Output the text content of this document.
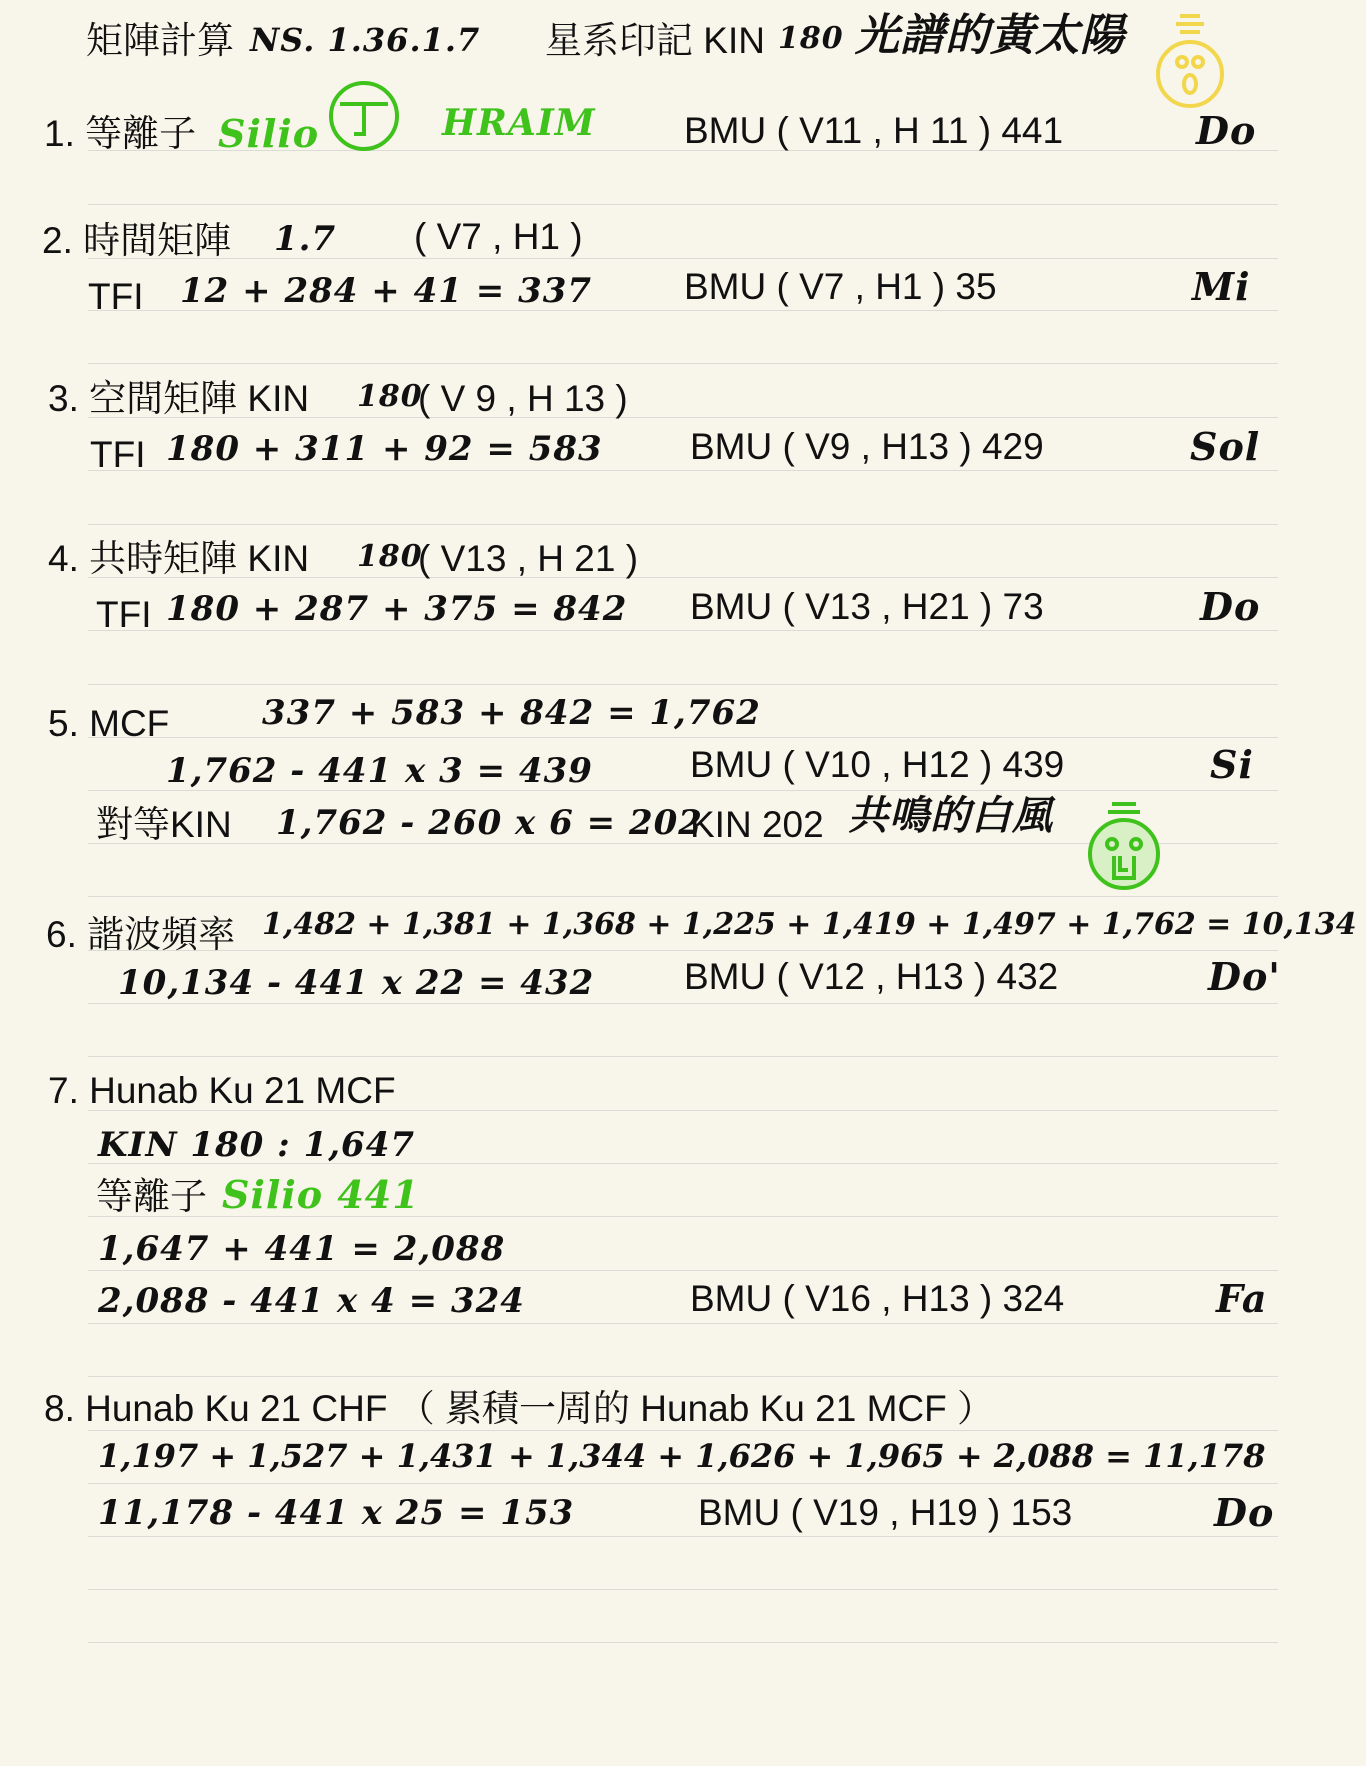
矩陣計算 NS. 1.36.1.7 星系印記 KIN 180 光譜的黃太陽
1. 等離子 Silio	HRAIM BMU ( V11 , H 11 ) 441	Do
2. 時間矩陣 1.7 ( V7 , H1 )
TFI 12 + 284 + 41 = 337 BMU ( V7 , H1 ) 35	Mi
3. 空間矩陣 KIN 180
( V 9 , H 13 )
TFI 180 + 311 + 92 = 583 BMU ( V9 , H13 ) 429	Sol
4. 共時矩陣 KIN 180
( V13 , H 21 )
TFI 180 + 287 + 375 = 842 BMU ( V13 , H21 ) 73	Do
5. MCF	337 + 583 + 842 = 1,762
1,762 - 441 x 3 = 439	BMU ( V10 , H12 ) 439	Si
對等KIN 1,762 - 260 x 6 = 202
KIN 202 共鳴的白風
6. 諧波頻率 1,482 + 1,381 + 1,368 + 1,225 + 1,419 + 1,497 + 1,762 = 10,134
10,134 - 441 x 22 = 432 BMU ( V12 , H13 ) 432	Do'
7. Hunab Ku 21 MCF
KIN 180 : 1,647
等離子 Silio 441
1,647 + 441 = 2,088
2,088 - 441 x 4 = 324	BMU ( V16 , H13 ) 324	Fa
8. Hunab Ku 21 CHF （ 累積一周的 Hunab Ku 21 MCF ）
1,197 + 1,527 + 1,431 + 1,344 + 1,626 + 1,965 + 2,088 = 11,178
11,178 - 441 x 25 = 153	BMU ( V19 , H19 ) 153	Do
